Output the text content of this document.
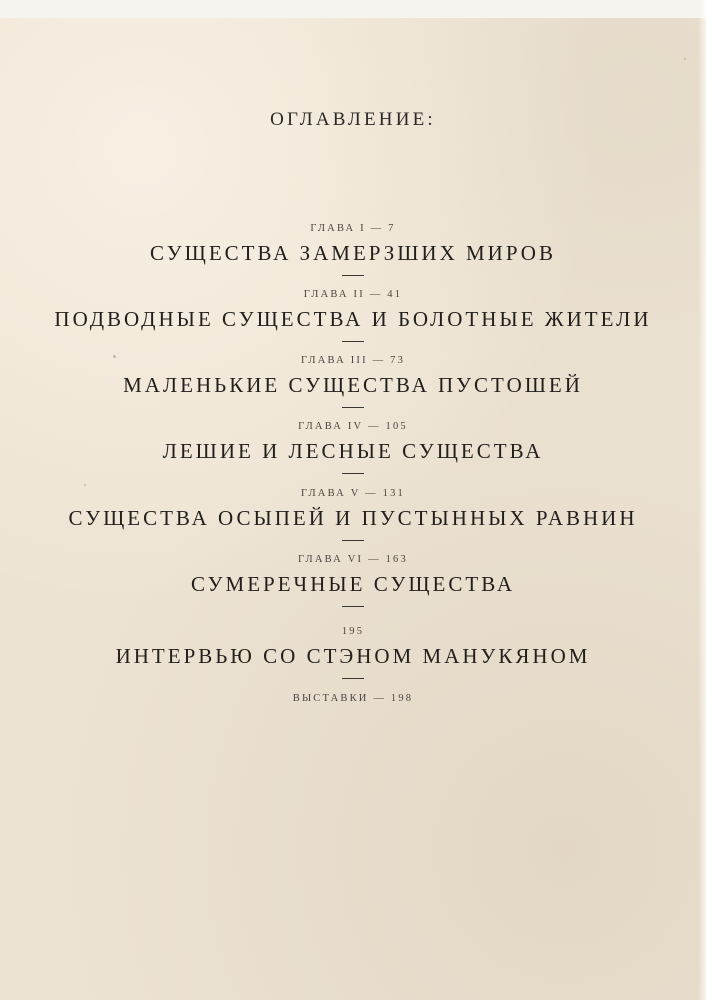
ОГЛАВЛЕНИЕ:
ГЛАВА I — 7
СУЩЕСТВА ЗАМЕРЗШИХ МИРОВ
ГЛАВА II — 41
ПОДВОДНЫЕ СУЩЕСТВА И БОЛОТНЫЕ ЖИТЕЛИ
ГЛАВА III — 73
МАЛЕНЬКИЕ СУЩЕСТВА ПУСТОШЕЙ
ГЛАВА IV — 105
ЛЕШИЕ И ЛЕСНЫЕ СУЩЕСТВА
ГЛАВА V — 131
СУЩЕСТВА ОСЫПЕЙ И ПУСТЫННЫХ РАВНИН
ГЛАВА VI — 163
СУМЕРЕЧНЫЕ СУЩЕСТВА
195
ИНТЕРВЬЮ СО СТЭНОМ МАНУКЯНОМ
ВЫСТАВКИ — 198
